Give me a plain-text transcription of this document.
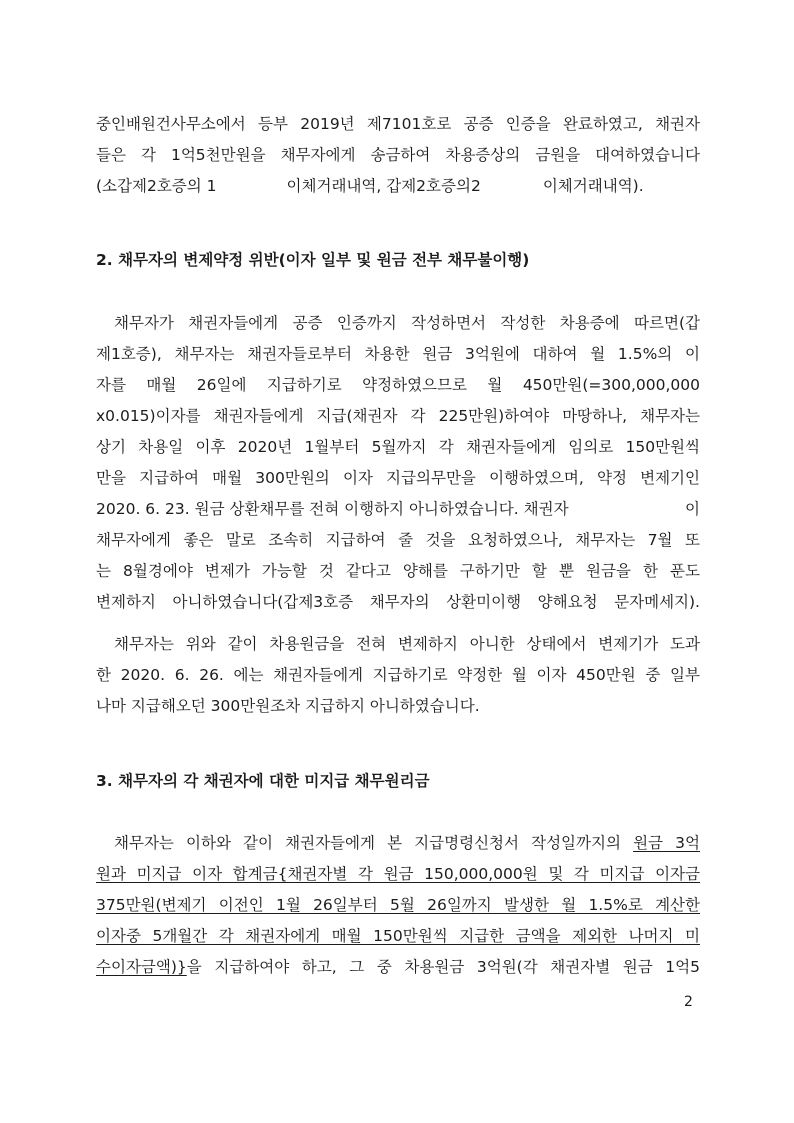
중인배원건사무소에서 등부 2019년 제7101호로 공증 인증을 완료하였고, 채권자
들은 각 1억5천만원을 채무자에게 송금하여 차용증상의 금원을 대여하였습니다
(소갑제2호증의 1	이체거래내역, 갑제2호증의2	이체거래내역).
2. 채무자의 변제약정 위반(이자 일부 및 원금 전부 채무불이행)
채무자가 채권자들에게 공증 인증까지 작성하면서 작성한 차용증에 따르면(갑
제1호증), 채무자는 채권자들로부터 차용한 원금 3억원에 대하여 월 1.5%의 이
자를 매월 26일에 지급하기로 약정하였으므로 월 450만원(=300,000,000
x0.015)이자를 채권자들에게 지급(채권자 각 225만원)하여야 마땅하나, 채무자는
상기 차용일 이후 2020년 1월부터 5월까지 각 채권자들에게 임의로 150만원씩
만을 지급하여 매월 300만원의 이자 지급의무만을 이행하였으며, 약정 변제기인
2020. 6. 23. 원금 상환채무를 전혀 이행하지 아니하였습니다. 채권자	이
채무자에게 좋은 말로 조속히 지급하여 줄 것을 요청하였으나, 채무자는 7월 또
는 8월경에야 변제가 가능할 것 같다고 양해를 구하기만 할 뿐 원금을 한 푼도
변제하지 아니하였습니다(갑제3호증 채무자의 상환미이행 양해요청 문자메세지).
채무자는 위와 같이 차용원금을 전혀 변제하지 아니한 상태에서 변제기가 도과
한 2020. 6. 26. 에는 채권자들에게 지급하기로 약정한 월 이자 450만원 중 일부
나마 지급해오던 300만원조차 지급하지 아니하였습니다.
3. 채무자의 각 채권자에 대한 미지급 채무원리금
채무자는 이하와 같이 채권자들에게 본 지급명령신청서 작성일까지의 원금 3억
원과 미지급 이자 합계금{채권자별 각 원금 150,000,000원 및 각 미지급 이자금
375만원(변제기 이전인 1월 26일부터 5월 26일까지 발생한 월 1.5%로 계산한
이자중 5개월간 각 채권자에게 매월 150만원씩 지급한 금액을 제외한 나머지 미
수이자금액)}을 지급하여야 하고, 그 중 차용원금 3억원(각 채권자별 원금 1억5
2
